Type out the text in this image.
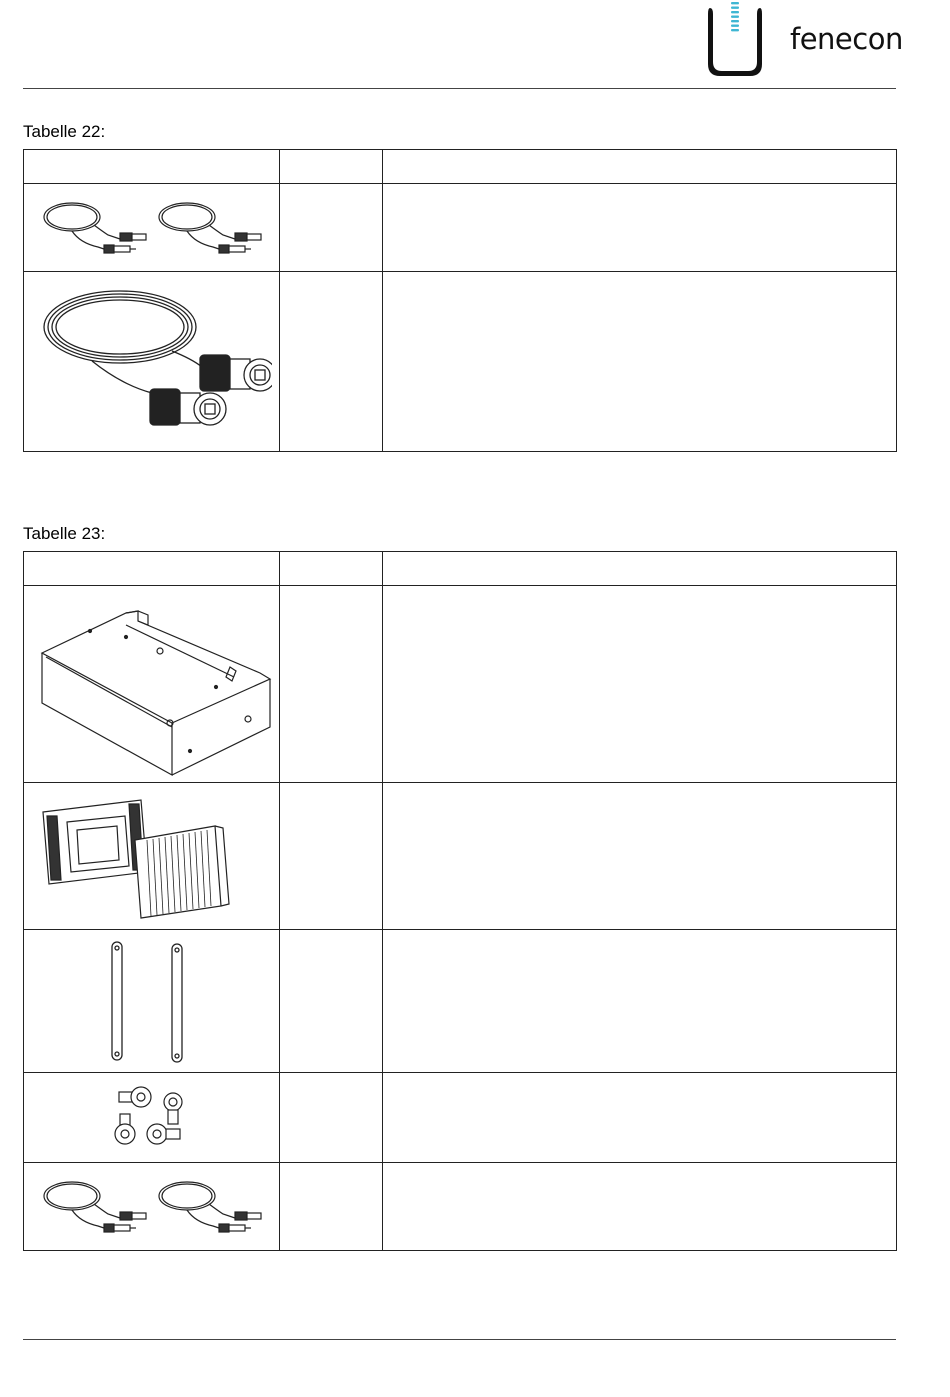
fenecon
Tabelle 22:

Tabelle 23:
